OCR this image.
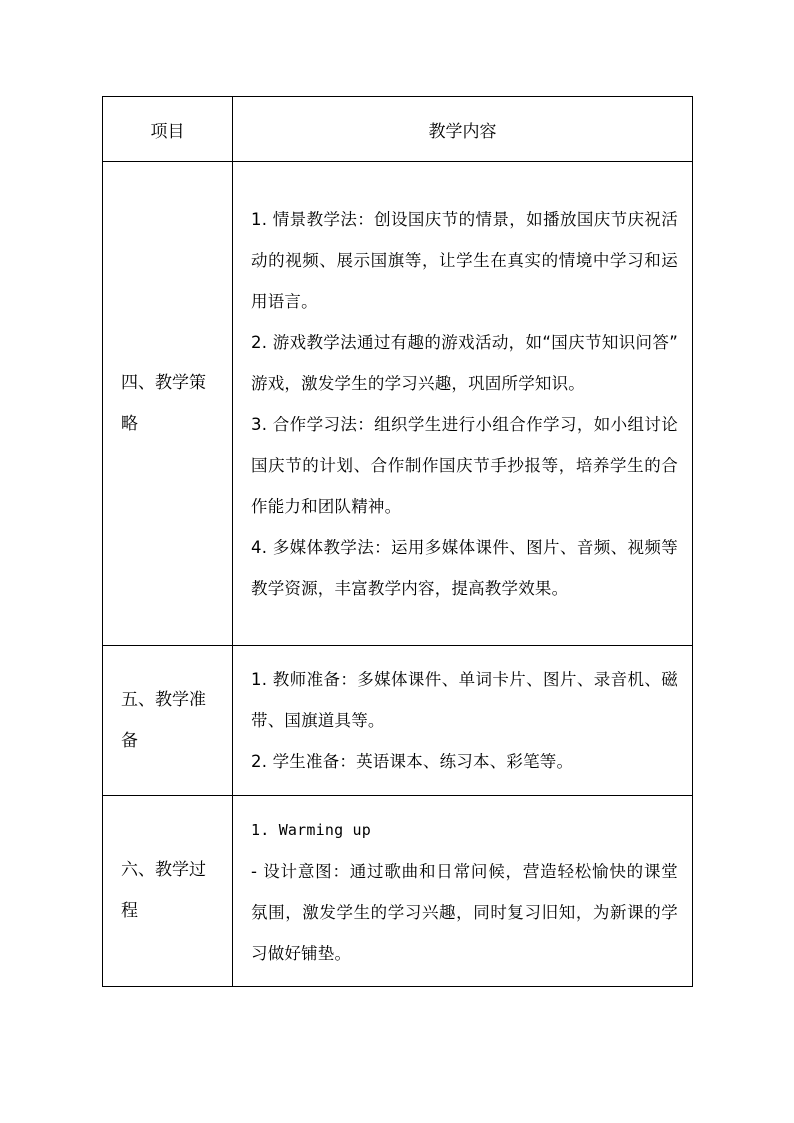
项目	教学内容
四、教学策略	1. 情景教学法：创设国庆节的情景，如播放国庆节庆祝活动的视频、展示国旗等，让学生在真实的情境中学习和运用语言。

2. 游戏教学法通过有趣的游戏活动，如“国庆节知识问答” 游戏，激发学生的学习兴趣，巩固所学知识。

3. 合作学习法：组织学生进行小组合作学习，如小组讨论国庆节的计划、合作制作国庆节手抄报等，培养学生的合作能力和团队精神。

4. 多媒体教学法：运用多媒体课件、图片、音频、视频等教学资源，丰富教学内容，提高教学效果。

五、教学准备	1. 教师准备：多媒体课件、单词卡片、图片、录音机、磁带、国旗道具等。

2. 学生准备：英语课本、练习本、彩笔等。

六、教学过程	1. Warming up

- 设计意图：通过歌曲和日常问候，营造轻松愉快的课堂氛围，激发学生的学习兴趣，同时复习旧知，为新课的学习做好铺垫。
